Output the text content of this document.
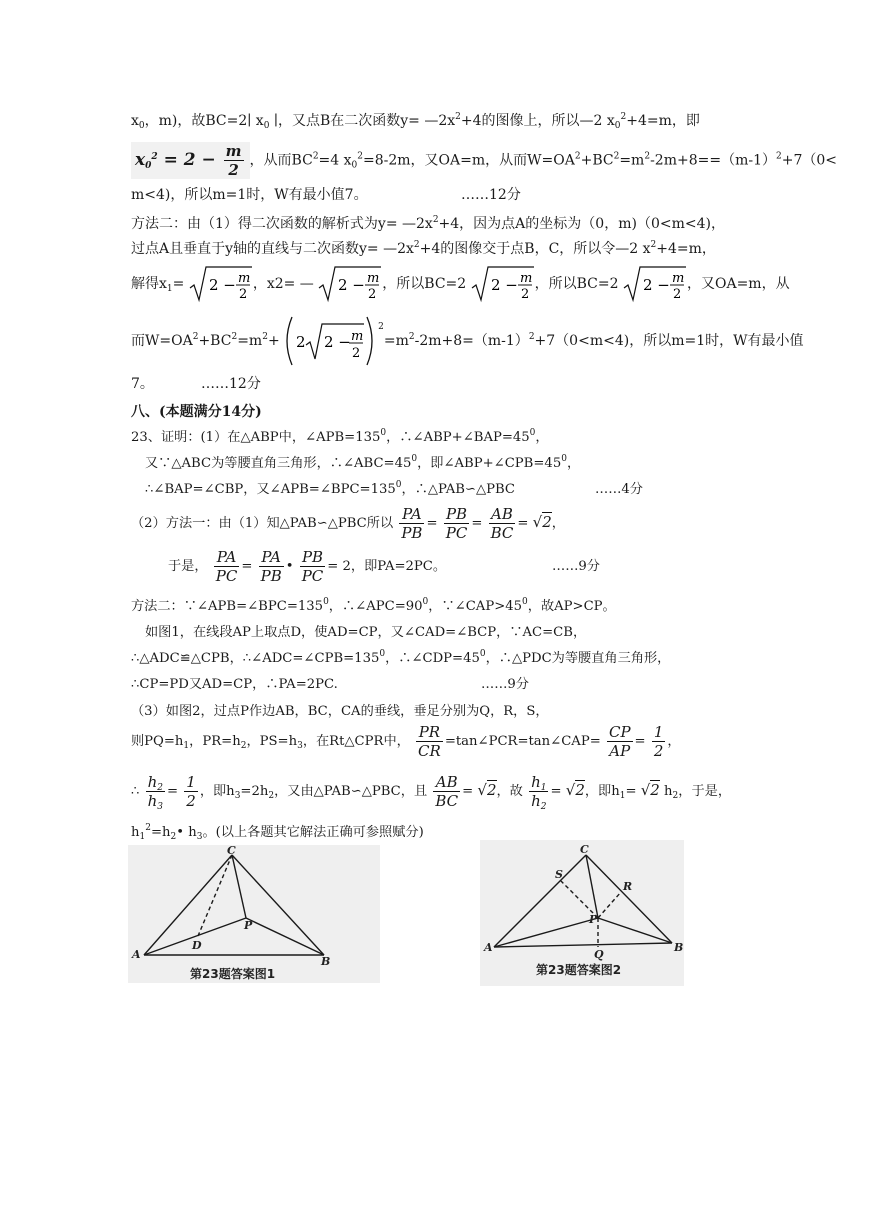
$x_0$，m)，故BC=2∣ $x_0$ ∣，又点B在二次函数$y= —2x^2+4$的图像上，所以—2 $x_0^2+4=m$，即
$x_0^2 = 2 - \frac{m}{2}$ ，从而$BC^2=4$ $x_0^2=8-2m$，又OA=m，从而$W=OA^2+BC^2=m^2-2m+8==(m-1)^2+7(0<$
m<4)，所以m=1时，W有最小值7。	……12分
方法二：由（1）得二次函数的解析式为$y= —2x^2+4$，因为点A的坐标为（0，m)（0<m<4)，
过点A且垂直于y轴的直线与二次函数$y= —2x^2+4$的图像交于点B，C，所以令—2 $x^2+4=m$，
解得$x_1= 2 - m$
2
，x2= — 2 − m
2
，所以BC=2 2 − m
2
，所以BC=2 2 − m
2
，又OA=m，从
而$W=OA^2+BC^2=m^2+ 2$ 2 − m
2
$^2=m^2-2m+8=(m-1)^2+7(0<m<4)$，所以m=1时，W有最小值
7。	……12分
八、(本题满分14分)
23、证明：(1）在△ABP中，$\angle APB=135^0$，$\therefore\angle ABP+\angle BAP=45^0$，
又∵△ABC为等腰直角三角形，$\therefore\angle ABC=45^0$，即$\angle ABP+\angle CPB=45^0$，
∴∠BAP=∠CBP，又$\angle APB=\angle BPC=135^0$，∴△PAB∽△PBC	……4分
（2）方法一：由（1）知△PAB∽△PBC所以 $\frac{PA}{PB} = \frac{PB}{PC} = \frac{AB}{BC} = √2$，
于是， $\frac{PA}{PC} = \frac{PA}{PB}$ • $\frac{PB}{PC} = 2$，即PA=2PC。	……9分
方法二：$\because\angle APB=\angle BPC=135^0$，$\therefore\angle APC=90^0$，$\because\angle CAP>45^0$，故AP>CP。
如图1，在线段AP上取点D，使AD=CP，又∠CAD=∠BCP，∵AC=CB，
∴△ADC≌△CPB，$\therefore\angle ADC=\angle CPB=135^0$，$\therefore\angle CDP=45^0$，∴△PDC为等腰直角三角形，
∴CP=PD又AD=CP，∴PA=2PC.	……9分
（3）如图2，过点P作边AB，BC，CA的垂线，垂足分别为Q，R，S，
则$PQ=h_1$，$PR=h_2$，$PS=h_3$，在Rt△CPR中， $\frac{PR}{CR}$ =tan∠PCR=tan∠CAP= $\frac{CP}{AP} = \frac{1}{2}$ ，
∴ $\frac{h_2}{h_3} = \frac{1}{2}$ ，即$h_3=2h_2$，又由△PAB∽△PBC，且 $\frac{AB}{BC} = √2$，故 $\frac{h_1}{h_2} = √2$，即$h_1= √2$ $h_2$，于是，
$h_1^2=h_2•$ $h_3$。(以上各题其它解法正确可参照赋分)
C
P
D
A
B
第23题答案图1
C
S
R
P
A
Q
B
第23题答案图2
